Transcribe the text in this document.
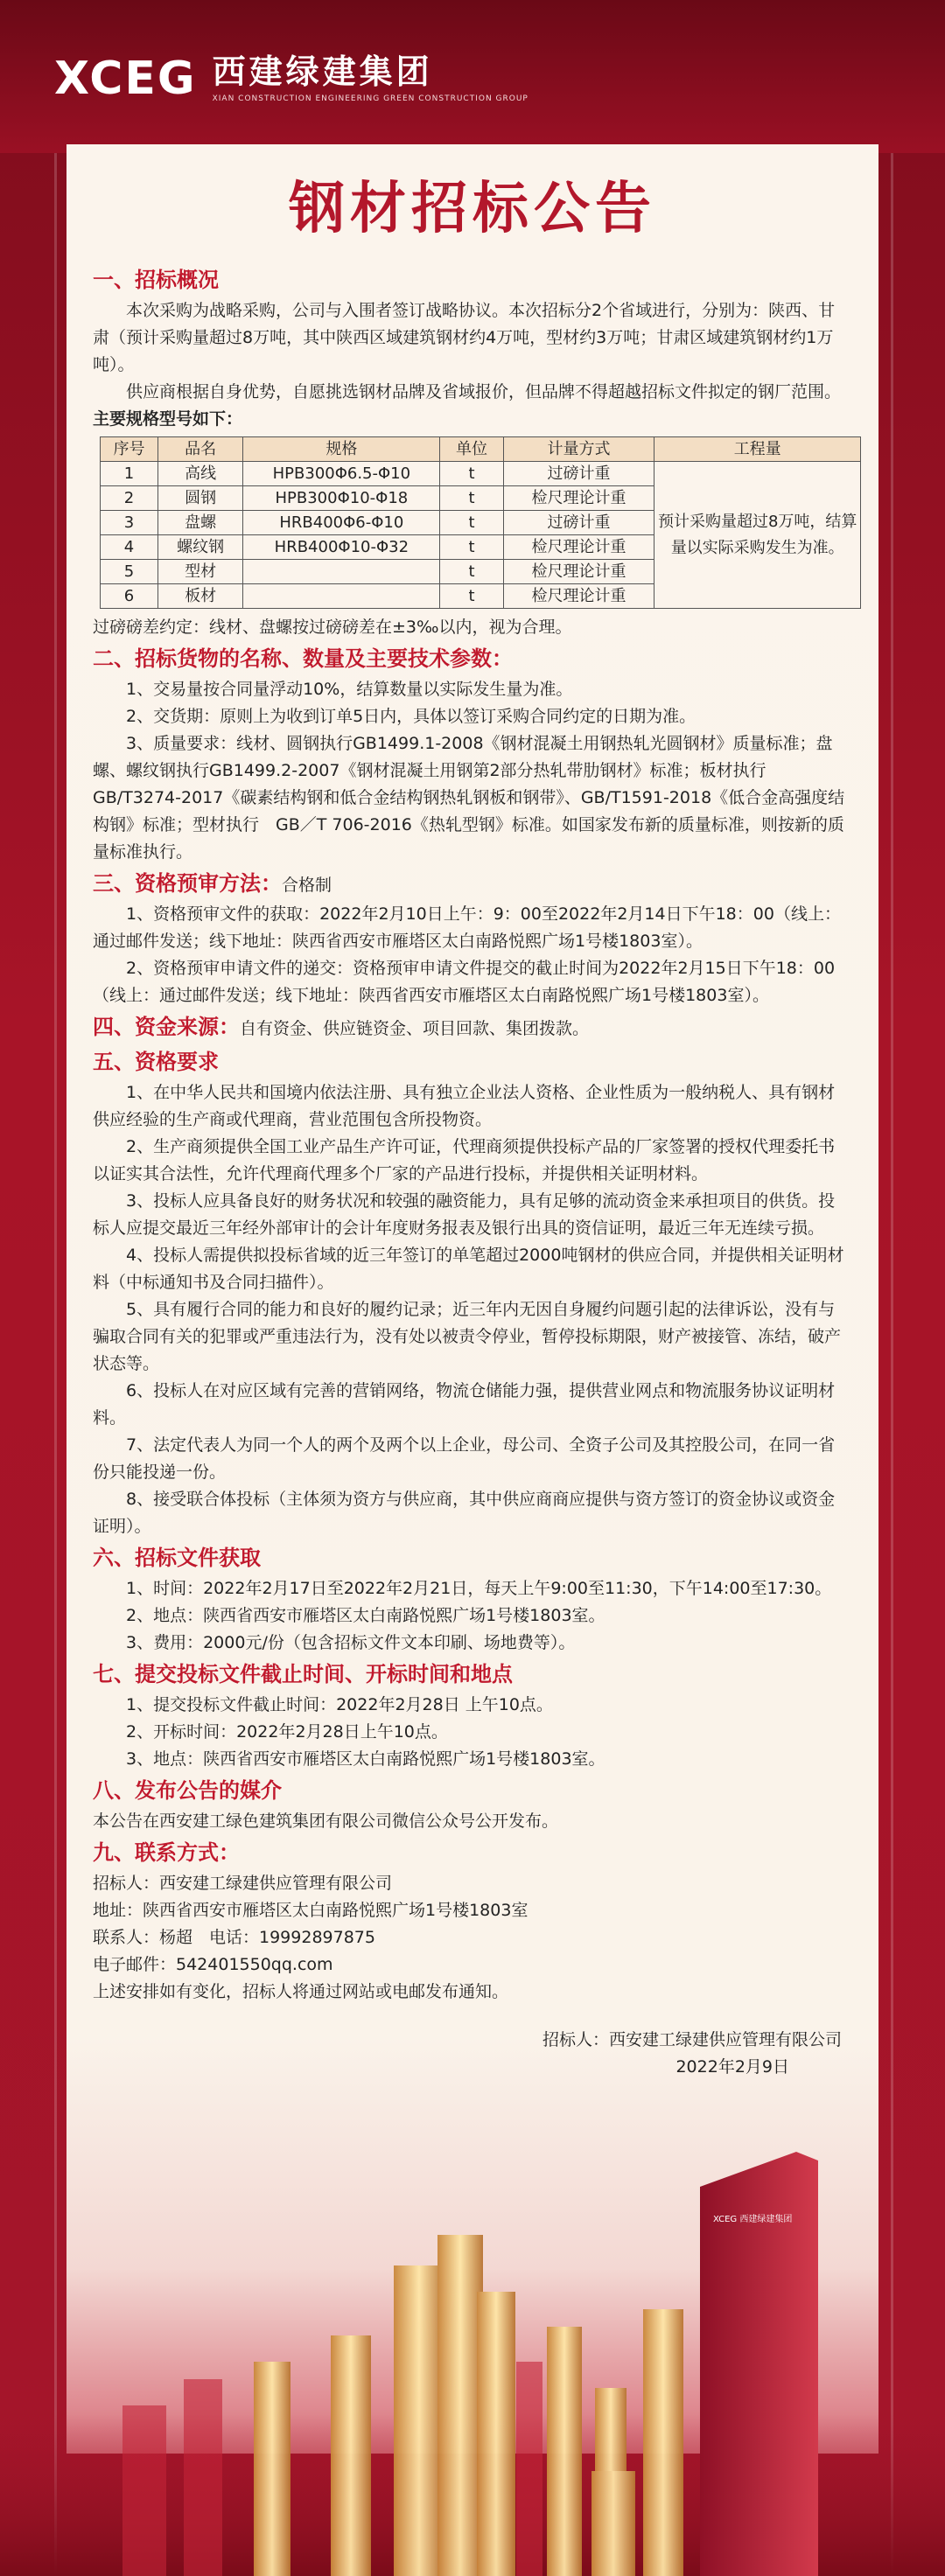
XCEG 西建绿建集团
XIAN CONSTRUCTION ENGINEERING GREEN CONSTRUCTION GROUP
钢材招标公告
一、招标概况
本次采购为战略采购，公司与入围者签订战略协议。本次招标分2个省域进行，分别为：陕西、甘肃（预计采购量超过8万吨，其中陕西区域建筑钢材约4万吨，型材约3万吨；甘肃区域建筑钢材约1万吨）。
供应商根据自身优势，自愿挑选钢材品牌及省域报价，但品牌不得超越招标文件拟定的钢厂范围。
主要规格型号如下：
序号	品名	规格	单位	计量方式	工程量
1	高线	HPB300Φ6.5-Φ10	t	过磅计重	预计采购量超过8万吨，结算量以实际采购发生为准。
2	圆钢	HPB300Φ10-Φ18	t	检尺理论计重	
3	盘螺	HRB400Φ6-Φ10	t	过磅计重	
4	螺纹钢	HRB400Φ10-Φ32	t	检尺理论计重	
5	型材		t	检尺理论计重	
6	板材		t	检尺理论计重	
过磅磅差约定：线材、盘螺按过磅磅差在±3‰以内，视为合理。
二、招标货物的名称、数量及主要技术参数：
1、交易量按合同量浮动10%，结算数量以实际发生量为准。
2、交货期：原则上为收到订单5日内，具体以签订采购合同约定的日期为准。
3、质量要求：线材、圆钢执行GB1499.1-2008《钢材混凝土用钢热轧光圆钢材》质量标准；盘螺、螺纹钢执行GB1499.2-2007《钢材混凝土用钢第2部分热轧带肋钢材》标准；板材执行GB/T3274-2017《碳素结构钢和低合金结构钢热轧钢板和钢带》、GB/T1591-2018《低合金高强度结构钢》标准；型材执行　GB／T 706-2016《热轧型钢》标准。如国家发布新的质量标准，则按新的质量标准执行。
三、资格预审方法：合格制
1、资格预审文件的获取：2022年2月10日上午：9：00至2022年2月14日下午18：00（线上：通过邮件发送；线下地址：陕西省西安市雁塔区太白南路悦熙广场1号楼1803室）。
2、资格预审申请文件的递交：资格预审申请文件提交的截止时间为2022年2月15日下午18：00（线上：通过邮件发送；线下地址：陕西省西安市雁塔区太白南路悦熙广场1号楼1803室）。
四、资金来源：自有资金、供应链资金、项目回款、集团拨款。
五、资格要求
1、在中华人民共和国境内依法注册、具有独立企业法人资格、企业性质为一般纳税人、具有钢材供应经验的生产商或代理商，营业范围包含所投物资。
2、生产商须提供全国工业产品生产许可证，代理商须提供投标产品的厂家签署的授权代理委托书以证实其合法性，允许代理商代理多个厂家的产品进行投标，并提供相关证明材料。
3、投标人应具备良好的财务状况和较强的融资能力，具有足够的流动资金来承担项目的供货。投标人应提交最近三年经外部审计的会计年度财务报表及银行出具的资信证明，最近三年无连续亏损。
4、投标人需提供拟投标省域的近三年签订的单笔超过2000吨钢材的供应合同，并提供相关证明材料（中标通知书及合同扫描件）。
5、具有履行合同的能力和良好的履约记录；近三年内无因自身履约问题引起的法律诉讼，没有与骗取合同有关的犯罪或严重违法行为，没有处以被责令停业，暂停投标期限，财产被接管、冻结，破产状态等。
6、投标人在对应区域有完善的营销网络，物流仓储能力强，提供营业网点和物流服务协议证明材料。
7、法定代表人为同一个人的两个及两个以上企业，母公司、全资子公司及其控股公司，在同一省份只能投递一份。
8、接受联合体投标（主体须为资方与供应商，其中供应商商应提供与资方签订的资金协议或资金证明）。
六、招标文件获取
1、时间：2022年2月17日至2022年2月21日，每天上午9:00至11:30，下午14:00至17:30。
2、地点：陕西省西安市雁塔区太白南路悦熙广场1号楼1803室。
3、费用：2000元/份（包含招标文件文本印刷、场地费等）。
七、提交投标文件截止时间、开标时间和地点
1、提交投标文件截止时间：2022年2月28日 上午10点。
2、开标时间：2022年2月28日上午10点。
3、地点：陕西省西安市雁塔区太白南路悦熙广场1号楼1803室。
八、发布公告的媒介
本公告在西安建工绿色建筑集团有限公司微信公众号公开发布。
九、联系方式：
招标人：西安建工绿建供应管理有限公司
地址：陕西省西安市雁塔区太白南路悦熙广场1号楼1803室
联系人：杨超　电话：19992897875
电子邮件：542401550qq.com
上述安排如有变化，招标人将通过网站或电邮发布通知。
招标人：西安建工绿建供应管理有限公司
2022年2月9日
XCEG 西建绿建集团
